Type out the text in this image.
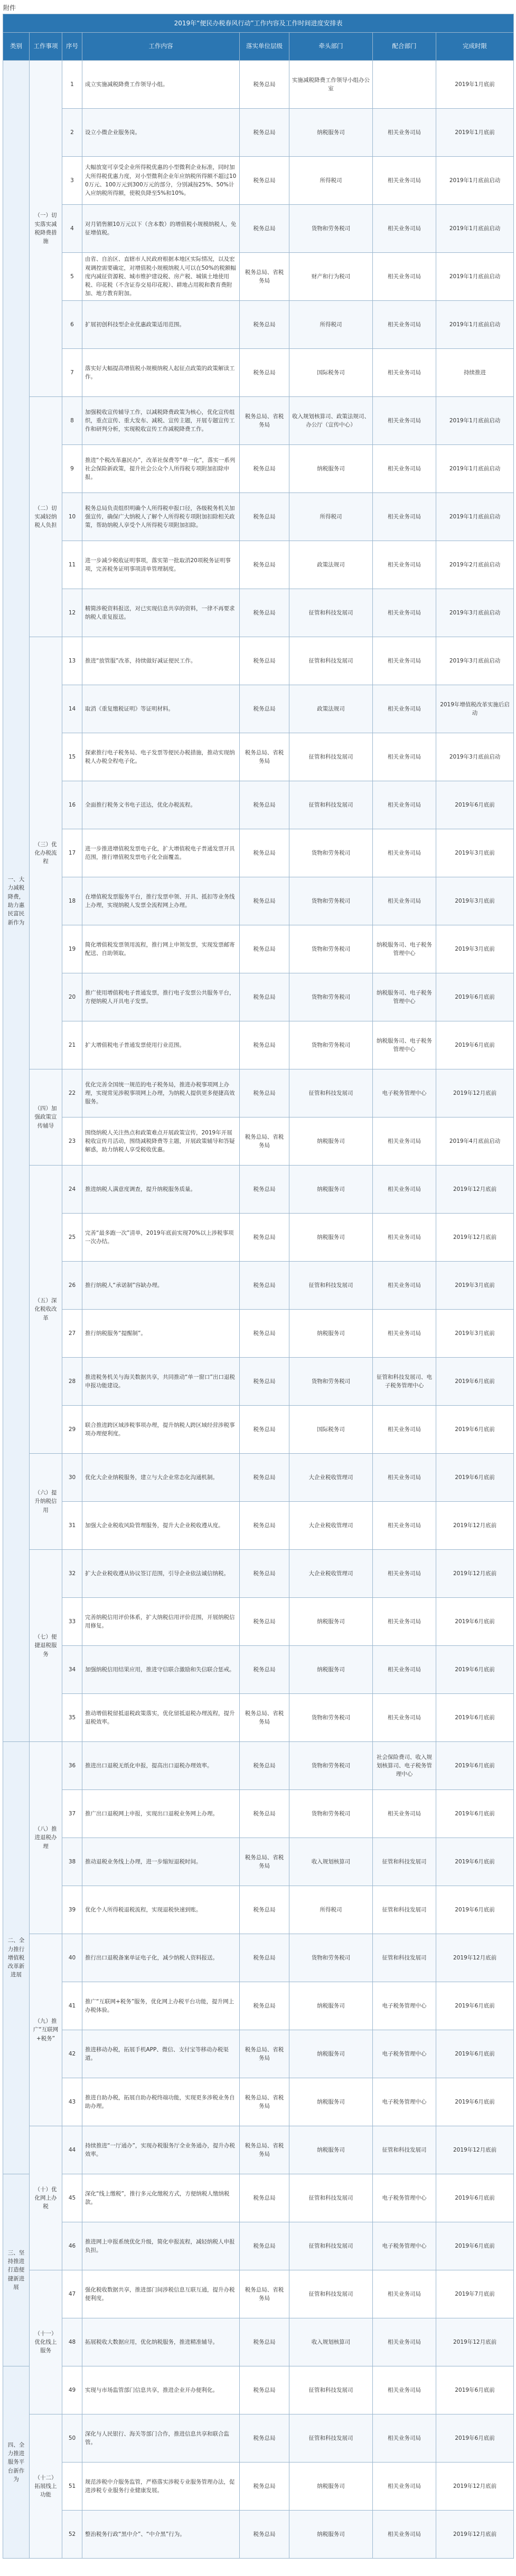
附件
2019年“便民办税春风行动”工作内容及工作时间进度安排表							
类别	工作事项	序号	工作内容	落实单位层级	牵头部门	配合部门	完成时限
一、大力减税降费，助力惠民富民新作为	（一）切实落实减税降费措施	1	成立实施减税降费工作领导小组。	税务总局	实施减税降费工作领导小组办公室		2019年1月底前
		2	设立小微企业服务岗。	税务总局	纳税服务司	相关业务司局	2019年1月底前
		3	大幅放宽可享受企业所得税优惠的小型微利企业标准，同时加大所得税优惠力度，对小型微利企业年应纳税所得额不超过100万元、100万元到300万元的部分，分别减按25%、50%计入应纳税所得额，使税负降至5%和10%。	税务总局	所得税司	相关业务司局	2019年1月底前启动
		4	对月销售额10万元以下（含本数）的增值税小规模纳税人，免征增值税。	税务总局	货物和劳务税司	相关业务司局	2019年1月底前启动
		5	由省、自治区、直辖市人民政府根据本地区实际情况，以及宏观调控需要确定，对增值税小规模纳税人可以在50%的税额幅度内减征资源税、城市维护建设税、房产税、城镇土地使用税、印花税（不含证券交易印花税）、耕地占用税和教育费附加、地方教育附加。	税务总局、省税务局	财产和行为税司	相关业务司局	2019年1月底前启动
		6	扩展初创科技型企业优惠政策适用范围。	税务总局	所得税司	相关业务司局	2019年1月底前启动
		7	落实好大幅提高增值税小规模纳税人起征点政策的政策解读工作。	税务总局	国际税务司	相关业务司局	持续推进
	（二）切实减轻纳税人负担	8	加强税收宣传辅导工作，以减税降费政策为核心，优化宣传组织，重点宣传、重大发布、减税、宣传主题，开展专题宣传工作和研判分析，实现税收宣传工作减税降费工作。	税务总局、省税务局	收入规划核算司、政策法规司、办公厅（宣传中心）	相关业务司局	2019年1月底前启动
		9	推进“个税改革惠民办”，改革社保费等“单一化”，落实一系列社会保险新政策，提升社会公众个人所得税专项附加扣除申报。	税务总局	纳税服务司	相关业务司局	2019年1月底前启动
		10	税务总局负责组织明确个人所得税申报口径，各级税务机关加强宣传，确保广大纳税人了解个人所得税专项附加扣除相关政策，帮助纳税人享受个人所得税专项附加扣除。	税务总局	所得税司	相关业务司局	2019年1月底前启动
		11	进一步减少税收证明事项，落实第一批取消20项税务证明事项，完善税务证明事项清单管理制度。	税务总局	政策法规司	相关业务司局	2019年2月底前启动
		12	精简涉税资料报送，对已实现信息共享的资料，一律不再要求纳税人重复报送。	税务总局	征管和科技发展司	相关业务司局	2019年3月底前启动
	（三）优化办税流程	13	推进“放管服”改革，持续做好减证便民工作。	税务总局	征管和科技发展司	相关业务司局	2019年3月底前启动
		14	取消《重复缴税证明》等证明材料。	税务总局	政策法规司	相关业务司局	2019年增值税改革实施后启动
		15	探索推行电子税务局、电子发票等便民办税措施，推动实现纳税人办税全程电子化。	税务总局、省税务局	征管和科技发展司	相关业务司局	2019年3月底前启动
		16	全面推行税务文书电子送达，优化办税流程。	税务总局	征管和科技发展司	相关业务司局	2019年6月底前
		17	进一步推进增值税发票电子化，扩大增值税电子普通发票开具范围，推行增值税发票电子化全面覆盖。	税务总局	货物和劳务税司	相关业务司局	2019年3月底前
		18	在增值税发票服务平台，推行发票申领、开具、抵扣等业务线上办理，实现纳税人发票全流程网上办理。	税务总局	货物和劳务税司	相关业务司局	2019年3月底前
		19	简化增值税发票领用流程，推行网上申领发票，实现发票邮寄配送、自助领取。	税务总局	货物和劳务税司	纳税服务司、电子税务管理中心	2019年3月底前
		20	推广使用增值税电子普通发票，推行电子发票公共服务平台，方便纳税人开具电子发票。	税务总局	货物和劳务税司	纳税服务司、电子税务管理中心	2019年6月底前
		21	扩大增值税电子普通发票使用行业范围。	税务总局	货物和劳务税司	纳税服务司、电子税务管理中心	2019年6月底前
	（四）加强政策宣传辅导	22	优化完善全国统一规范的电子税务局，推进办税事项网上办理，实现常见涉税事项网上办理，为纳税人提供更多便捷高效服务。	税务总局	征管和科技发展司	电子税务管理中心	2019年12月底前
		23	围绕纳税人关注热点和政策难点开展政策宣传，2019年开展税收宣传月活动，围绕减税降费等主题，开展政策辅导和答疑解惑，助力纳税人享受税收优惠。	税务总局、省税务局	纳税服务司	相关业务司局	2019年4月底前启动
	（五）深化税收改革	24	推进纳税人满意度调查，提升纳税服务质量。	税务总局	纳税服务司	相关业务司局	2019年12月底前
		25	完善“最多跑一次”清单，2019年底前实现70%以上涉税事项一次办结。	税务总局	纳税服务司	相关业务司局	2019年12月底前
		26	推行纳税人“承诺制”容缺办理。	税务总局	征管和科技发展司	相关业务司局	2019年3月底前
		27	推行纳税服务“提醒制”。	税务总局	纳税服务司	相关业务司局	2019年3月底前
		28	推进税务机关与海关数据共享，共同推动“单一窗口”出口退税申报功能建设。	税务总局	货物和劳务税司	征管和科技发展司、电子税务管理中心	2019年6月底前
		29	联合推进跨区域涉税事项办理，提升纳税人跨区域经营涉税事项办理便利度。	税务总局	国际税务司	相关业务司局	2019年6月底前
	（六）提升纳税信用	30	优化大企业纳税服务，建立与大企业常态化沟通机制。	税务总局	大企业税收管理司	相关业务司局	2019年6月底前
		31	加强大企业税收风险管理服务，提升大企业税收遵从度。	税务总局	大企业税收管理司	相关业务司局	2019年12月底前
	（七）便捷退税服务	32	扩大企业税收遵从协议签订范围，引导企业依法诚信纳税。	税务总局	大企业税收管理司	相关业务司局	2019年12月底前
		33	完善纳税信用评价体系，扩大纳税信用评价范围，开展纳税信用修复。	税务总局	纳税服务司	相关业务司局	2019年6月底前
		34	加强纳税信用结果应用，推进守信联合激励和失信联合惩戒。	税务总局	纳税服务司	相关业务司局	2019年6月底前
		35	推动增值税留抵退税政策落实，优化留抵退税办理流程，提升退税效率。	税务总局、省税务局	货物和劳务税司	相关业务司局	2019年6月底前
二、全力推行增值税改革新进展	（八）推进退税办理	36	推进出口退税无纸化申报，提高出口退税办理效率。	税务总局	货物和劳务税司	社会保险费司、收入规划核算司、电子税务管理中心	2019年6月底前
		37	推广出口退税网上申报，实现出口退税业务网上办理。	税务总局	货物和劳务税司	相关业务司局	2019年6月底前
		38	推动退税业务线上办理，进一步缩短退税时间。	税务总局、省税务局	收入规划核算司	征管和科技发展司	2019年6月底前
		39	优化个人所得税退税流程，实现退税快速到账。	税务总局	所得税司	征管和科技发展司	2019年6月底前
	（九）推广“互联网+税务”	40	推行出口退税备案单证电子化，减少纳税人资料报送。	税务总局	货物和劳务税司	征管和科技发展司	2019年12月底前
		41	推广“互联网+税务”服务，优化网上办税平台功能，提升网上办税体验。	税务总局	纳税服务司	电子税务管理中心	2019年6月底前
		42	推进移动办税，拓展手机APP、微信、支付宝等移动办税渠道。	税务总局、省税务局	纳税服务司	电子税务管理中心	2019年6月底前
		43	推进自助办税，拓展自助办税终端功能，实现更多涉税业务自助办理。	税务总局、省税务局	纳税服务司	电子税务管理中心	2019年6月底前
	（十）优化网上办税	44	持续推进“一厅通办”，实现办税服务厅全业务通办，提升办税效率。	税务总局、省税务局	纳税服务司	征管和科技发展司	2019年12月底前
三、坚持推进打造便捷新进展		45	深化“线上缴税”，推行多元化缴税方式，方便纳税人缴纳税款。	税务总局	征管和科技发展司	电子税务管理中心	2019年6月底前
		46	推进网上申报系统优化升级，简化申报流程，减轻纳税人申报负担。	税务总局	征管和科技发展司	电子税务管理中心	2019年6月底前
	（十一）优化线上服务	47	强化税收数据共享，推进部门间涉税信息互联互通，提升办税便利度。	税务总局、省税务局	征管和科技发展司	相关业务司局	2019年7月底前
		48	拓展税收大数据应用，优化纳税服务，推进精准辅导。	税务总局	收入规划核算司	相关业务司局	2019年12月底前
四、全力推进服务平台新作为		49	实现与市场监管部门信息共享，推进企业开办便利化。	税务总局	征管和科技发展司	相关业务司局	2019年6月底前
	（十二）拓展线上功能	50	深化与人民银行、海关等部门合作，推进信息共享和联合监管。	税务总局	征管和科技发展司	相关业务司局	2019年6月底前
		51	规范涉税中介服务监管，严格落实涉税专业服务管理办法，促进涉税专业服务行业健康发展。	税务总局	纳税服务司	相关业务司局	2019年12月底前
		52	整治税务行政“黑中介”、“中介黑”行为。	税务总局	纳税服务司	相关业务司局	2019年12月底前
